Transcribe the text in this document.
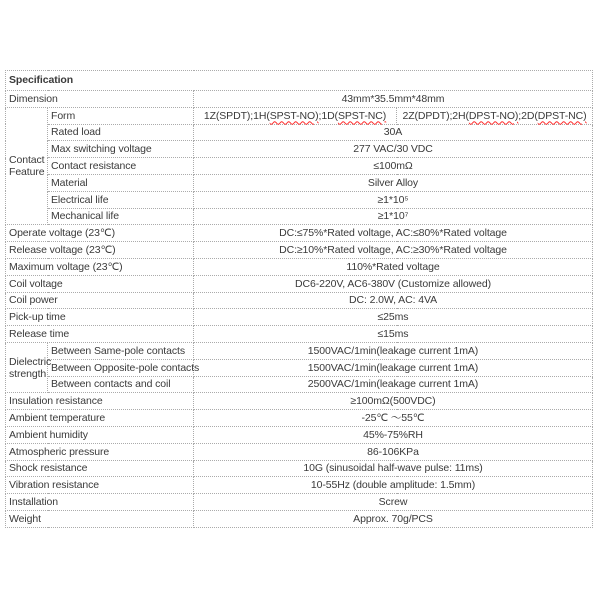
Specification			
Dimension		43mm*35.5mm*48mm	
Contact Feature	Form	1Z(SPDT);1H(SPST-NO);1D(SPST-NC)	2Z(DPDT);2H(DPST-NO);2D(DPST-NC)
	Rated load	30A	
	Max switching voltage	277 VAC/30 VDC	
	Contact resistance	≤100mΩ	
	Material	Silver Alloy	
	Electrical life	≥1*10⁵	
	Mechanical life	≥1*10⁷	
Operate voltage (23℃)		DC:≤75%*Rated voltage, AC:≤80%*Rated voltage	
Release voltage (23℃)		DC:≥10%*Rated voltage, AC:≥30%*Rated voltage	
Maximum voltage (23℃)		110%*Rated voltage	
Coil voltage		DC6-220V, AC6-380V (Customize allowed)	
Coil power		DC: 2.0W, AC: 4VA	
Pick-up time		≤25ms	
Release time		≤15ms	
Dielectric strength	Between Same-pole contacts	1500VAC/1min(leakage current 1mA)	
	Between Opposite-pole contacts	1500VAC/1min(leakage current 1mA)	
	Between contacts and coil	2500VAC/1min(leakage current 1mA)	
Insulation resistance		≥100mΩ(500VDC)	
Ambient temperature		-25℃ ～55℃	
Ambient humidity		45%-75%RH	
Atmospheric pressure		86-106KPa	
Shock resistance		10G (sinusoidal half-wave pulse: 11ms)	
Vibration resistance		10-55Hz (double amplitude: 1.5mm)	
Installation		Screw	
Weight		Approx. 70g/PCS	
